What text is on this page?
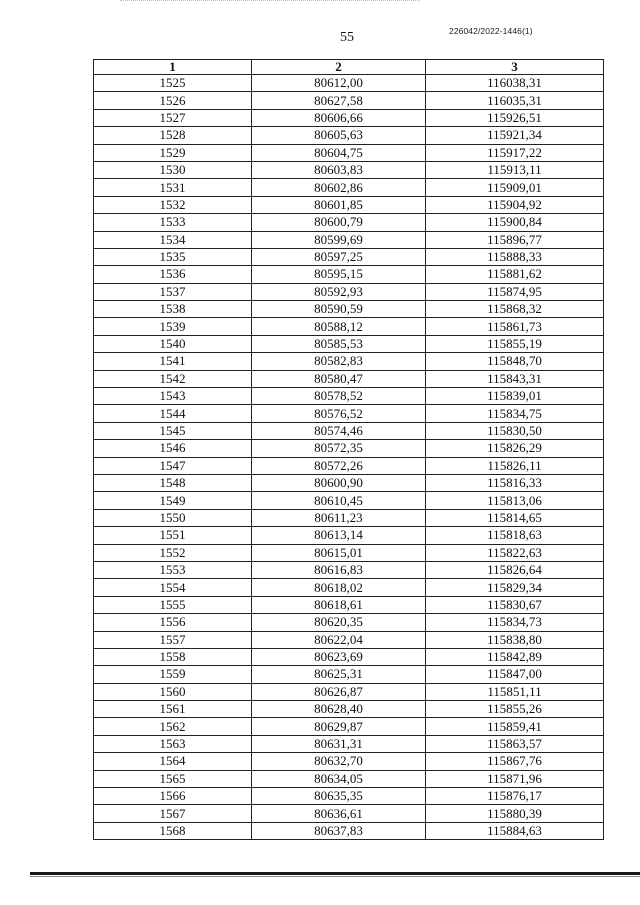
55	226042/2022-1446(1)
1	2	3
1525	80612,00	116038,31
1526	80627,58	116035,31
1527	80606,66	115926,51
1528	80605,63	115921,34
1529	80604,75	115917,22
1530	80603,83	115913,11
1531	80602,86	115909,01
1532	80601,85	115904,92
1533	80600,79	115900,84
1534	80599,69	115896,77
1535	80597,25	115888,33
1536	80595,15	115881,62
1537	80592,93	115874,95
1538	80590,59	115868,32
1539	80588,12	115861,73
1540	80585,53	115855,19
1541	80582,83	115848,70
1542	80580,47	115843,31
1543	80578,52	115839,01
1544	80576,52	115834,75
1545	80574,46	115830,50
1546	80572,35	115826,29
1547	80572,26	115826,11
1548	80600,90	115816,33
1549	80610,45	115813,06
1550	80611,23	115814,65
1551	80613,14	115818,63
1552	80615,01	115822,63
1553	80616,83	115826,64
1554	80618,02	115829,34
1555	80618,61	115830,67
1556	80620,35	115834,73
1557	80622,04	115838,80
1558	80623,69	115842,89
1559	80625,31	115847,00
1560	80626,87	115851,11
1561	80628,40	115855,26
1562	80629,87	115859,41
1563	80631,31	115863,57
1564	80632,70	115867,76
1565	80634,05	115871,96
1566	80635,35	115876,17
1567	80636,61	115880,39
1568	80637,83	115884,63
